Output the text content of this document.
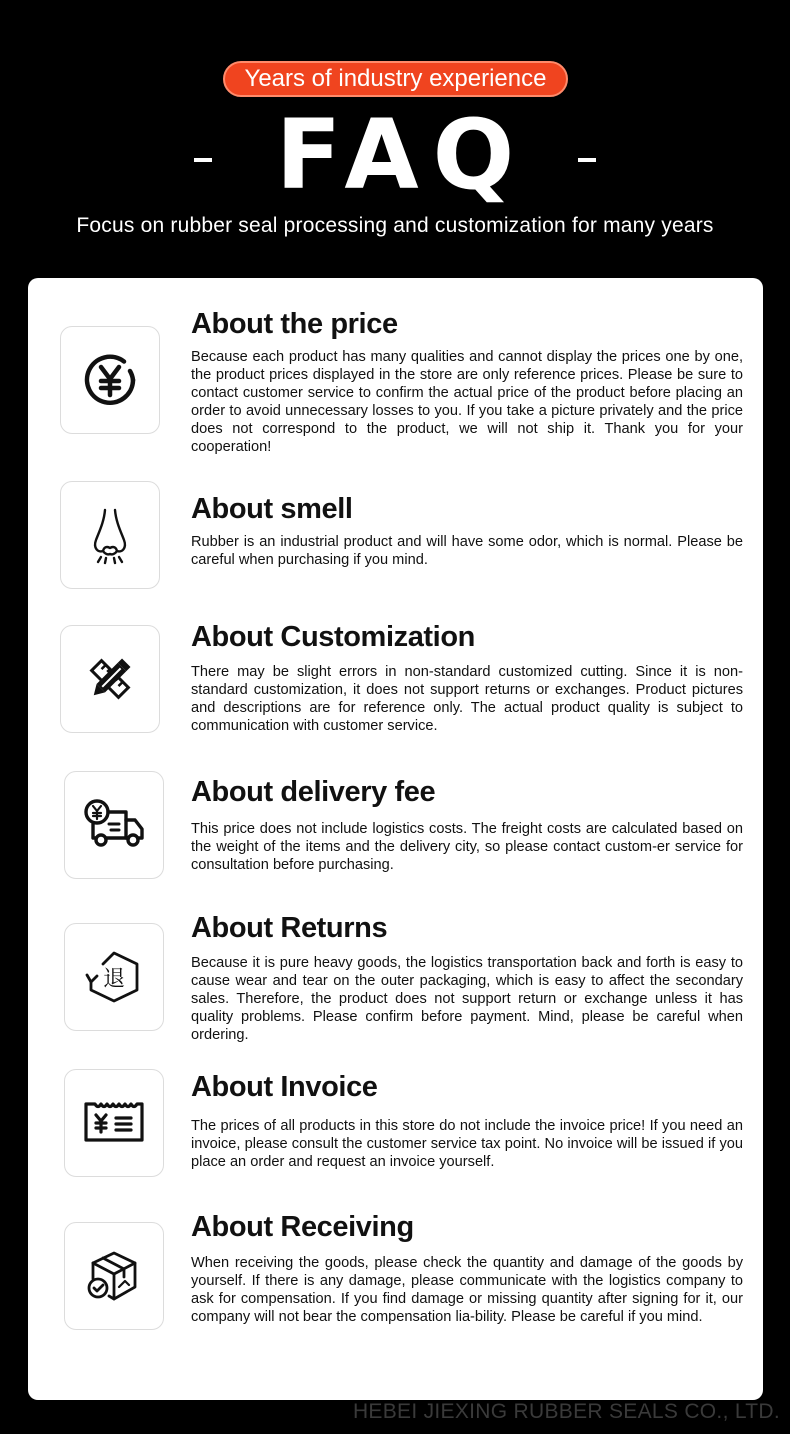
Years of industry experience
FAQ
Focus on rubber seal processing and customization for many years
About the price

Because each product has many qualities and cannot display the prices one by one, the product prices displayed in the store are only reference prices. Please be sure to contact customer service to confirm the actual price of the product before placing an order to avoid unnecessary losses to you. If you take a picture privately and the price does not correspond to the product, we will not ship it. Thank you for your cooperation!

About smell

Rubber is an industrial product and will have some odor, which is normal. Please be careful when purchasing if you mind.

About Customization

There may be slight errors in non-standard customized cutting. Since it is non-standard customization, it does not support returns or exchanges. Product pictures and descriptions are for reference only. The actual product quality is subject to communication with customer service.

About delivery fee

This price does not include logistics costs. The freight costs are calculated based on the weight of the items and the delivery city, so please contact custom-er service for consultation before purchasing.

退
About Returns

Because it is pure heavy goods, the logistics transportation back and forth is easy to cause wear and tear on the outer packaging, which is easy to affect the secondary sales. Therefore, the product does not support return or exchange unless it has quality problems. Please confirm before payment. Mind, please be careful when ordering.

About Invoice

The prices of all products in this store do not include the invoice price! If you need an invoice, please consult the customer service tax point. No invoice will be issued if you place an order and request an invoice yourself.

About Receiving

When receiving the goods, please check the quantity and damage of the goods by yourself. If there is any damage, please communicate with the logistics company to ask for compensation. If you find damage or missing quantity after signing for it, our company will not bear the compensation lia-bility. Please be careful if you mind.

HEBEI JIEXING RUBBER SEALS CO., LTD.
